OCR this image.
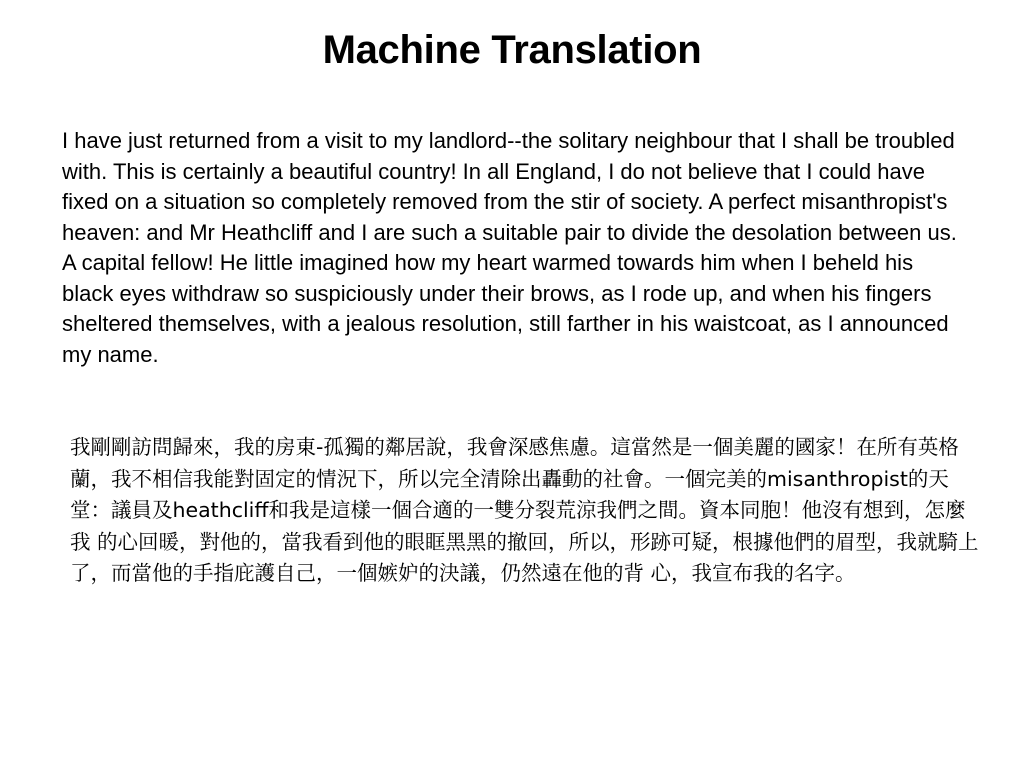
Machine Translation

I have just returned from a visit to my landlord--the solitary neighbour that I shall be troubled with. This is certainly a beautiful country! In all England, I do not believe that I could have fixed on a situation so completely removed from the stir of society. A perfect misanthropist's heaven: and Mr Heathcliff and I are such a suitable pair to divide the desolation between us. A capital fellow! He little imagined how my heart warmed towards him when I beheld his black eyes withdraw so suspiciously under their brows, as I rode up, and when his fingers sheltered themselves, with a jealous resolution, still farther in his waistcoat, as I announced my name.

我剛剛訪問歸來，我的房東-孤獨的鄰居說，我會深感焦慮。這當然是一個美麗的國家！在所有英格蘭，我不相信我能對固定的情況下，所以完全清除出轟動的社會。一個完美的misanthropist的天堂：議員及heathcliff和我是這樣一個合適的一雙分裂荒涼我們之間。資本同胞！他沒有想到，怎麼我 的心回暖，對他的，當我看到他的眼眶黑黑的撤回，所以，形跡可疑，根據他們的眉型，我就騎上了，而當他的手指庇護自己，一個嫉妒的決議，仍然遠在他的背 心，我宣布我的名字。
